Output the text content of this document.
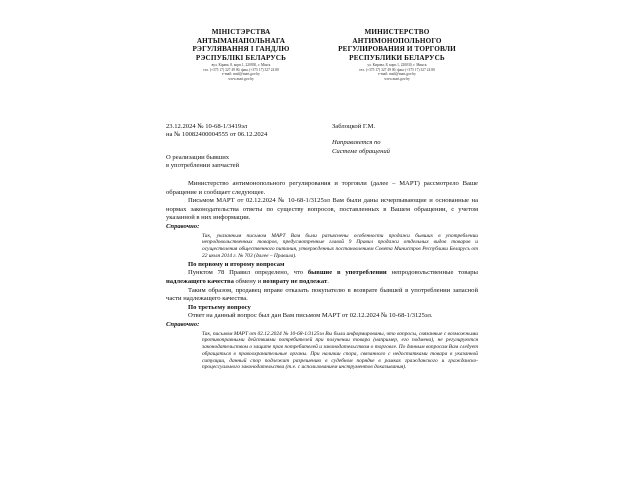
МІНІСТЭРСТВА
АНТЫМАНАПОЛЬНАГА
РЭГУЛЯВАННЯ І ГАНДЛЮ
РЭСПУБЛІКІ БЕЛАРУСЬ
вул. Кірава, 8, корп.1, 220030, г. Мінск
тэл. (+375 17) 327 49 00, факс (+375 17) 327 24 80
e-mail: mail@mart.gov.by
www.mart.gov.by
МИНИСТЕРСТВО
АНТИМОНОПОЛЬНОГО
РЕГУЛИРОВАНИЯ И ТОРГОВЛИ
РЕСПУБЛИКИ БЕЛАРУСЬ
ул. Кирова, 8, корп.1, 220030, г. Минск
тел. (+375 17) 327 49 00, факс (+375 17) 327 24 80
e-mail: mail@mart.gov.by
www.mart.gov.by
23.12.2024 № 10-68-1/3419эл
на № 10082400004555 от 06.12.2024
Заблоцкой Г.М.
Направляется по
Системе обращений
О реализации бывших
в употреблении запчастей

Министерство антимонопольного регулирования и торговли (далее – МАРТ) рассмотрело Ваше обращение и сообщает следующее.

Письмом МАРТ от 02.12.2024 № 10-68-1/3125эл Вам были даны исчерпывающие и основанные на нормах законодательства ответы по существу вопросов, поставленных в Вашем обращении, с учетом указанной в них информации.

Справочно:

Так, указанным письмом МАРТ Вам были разъяснены особенности продажи бывших в употреблении непродовольственных товаров, предусмотренные главой 9 Правил продажи отдельных видов товаров и осуществления общественного питания, утвержденных постановлением Совета Министров Республики Беларусь от 22 июля 2014 г. № 703 (далее – Правила).

По первому и второму вопросам

Пунктом 78 Правил определено, что бывшие в употреблении непродовольственные товары надлежащего качества обмену и возврату не подлежат.

Таким образом, продавец вправе отказать покупателю в возврате бывшей в употреблении запасной части надлежащего качества.

По третьему вопросу

Ответ на данный вопрос был дан Вам письмом МАРТ от 02.12.2024 № 10-68-1/3125эл.

Справочно:

Так, письмом МАРТ от 02.12.2024 № 10-68-1/3125эл Вы были информированы, что вопросы, связанные с возможными противоправными действиями потребителей при получении товара (например, его подмена), не регулируются законодательством о защите прав потребителей и законодательством о торговле. По данным вопросам Вам следует обращаться в правоохранительные органы. При наличии спора, связанного с недостатками товара в указанной ситуации, данный спор подлежит разрешению в судебном порядке в рамках гражданского и гражданско-процессуального законодательства (т.е. с использованием инструментов доказывания).
